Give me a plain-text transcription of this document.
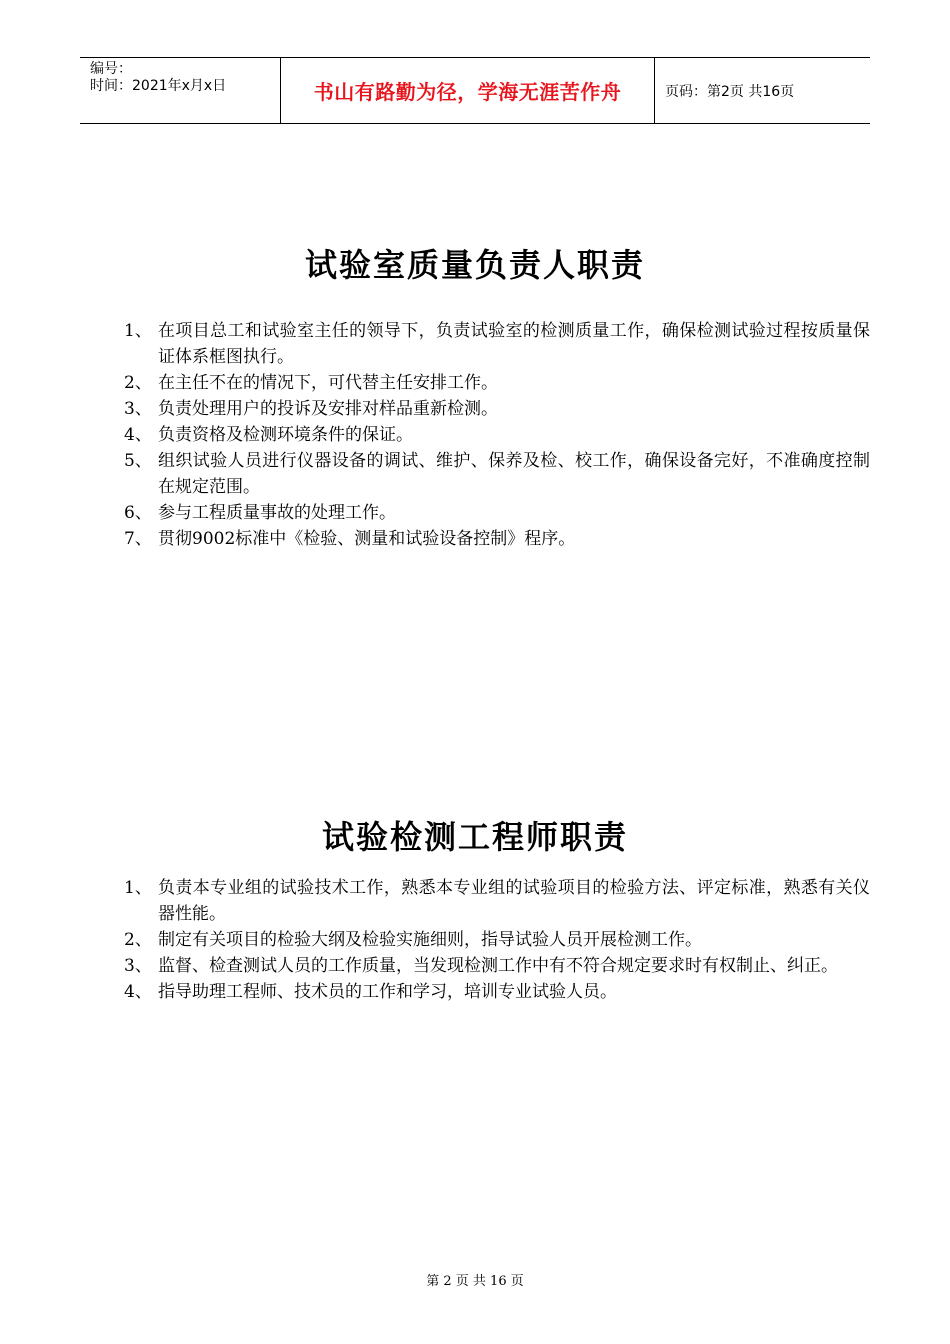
编号：
时间：2021年x月x日	书山有路勤为径，学海无涯苦作舟	页码：第2页 共16页
试验室质量负责人职责
1、 在项目总工和试验室主任的领导下，负责试验室的检测质量工作，确保检测试验过程按质量保证体系框图执行。
2、 在主任不在的情况下，可代替主任安排工作。
3、 负责处理用户的投诉及安排对样品重新检测。
4、 负责资格及检测环境条件的保证。
5、 组织试验人员进行仪器设备的调试、维护、保养及检、校工作，确保设备完好，不准确度控制在规定范围。
6、 参与工程质量事故的处理工作。
7、 贯彻9002标准中《检验、测量和试验设备控制》程序。
试验检测工程师职责
1、 负责本专业组的试验技术工作，熟悉本专业组的试验项目的检验方法、评定标准，熟悉有关仪器性能。
2、 制定有关项目的检验大纲及检验实施细则，指导试验人员开展检测工作。
3、 监督、检查测试人员的工作质量，当发现检测工作中有不符合规定要求时有权制止、纠正。
4、 指导助理工程师、技术员的工作和学习，培训专业试验人员。
第 2 页 共 16 页
